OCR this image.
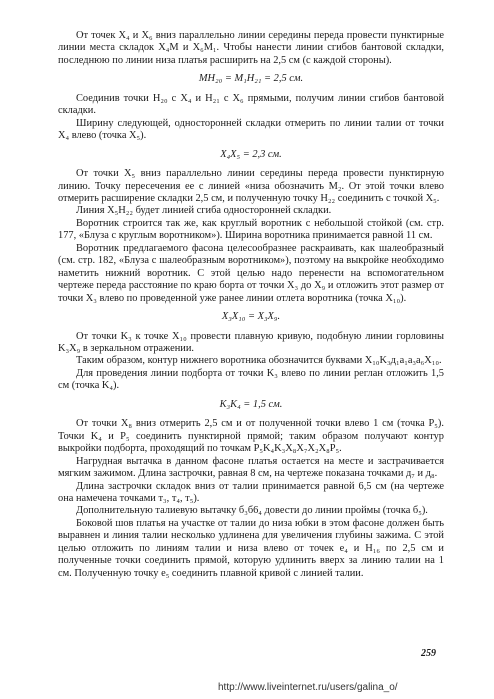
От точек X₄ и X₆ вниз параллельно линии середины переда провести пунктирные линии места складок X₄M и X₆M₁. Чтобы нанести линии сгибов бантовой складки, последнюю по линии низа платья расширить на 2,5 см (с каждой стороны).

MH₂₀ = M₁H₂₁ = 2,5 см.

Соединив точки H₂₀ с X₄ и H₂₁ с X₆ прямыми, получим линии сгибов бантовой складки.

Ширину следующей, односторонней складки отмерить по линии талии от точки X₄ влево (точка X₅).

X₄X₅ = 2,3 см.

От точки X₅ вниз параллельно линии середины переда провести пунктирную линию. Точку пересечения ее с линией «низа обозначить M₂. От этой точки влево отмерить расширение складки 2,5 см, и полученную точку H₂₂ соединить с точкой X₅.

Линия X₅H₂₂ будет линией сгиба односторонней складки.

Воротник строится так же, как круглый воротник с небольшой стойкой (см. стр. 177, «Блуза с круглым воротником»). Ширина воротника принимается равной 11 см.

Воротник предлагаемого фасона целесообразнее раскраивать, как шалеобразный (см. стр. 182, «Блуза с шалеобразным воротником»), поэтому на выкройке необходимо наметить нижний воротник. С этой целью надо перенести на вспомогательном чертеже переда расстояние по краю борта от точки X₃ до X₉ и отложить этот размер от точки X₃ влево по проведенной уже ранее линии отлета воротника (точка X₁₀).

X₃X₁₀ = X₃X₉.

От точки K₃ к точке X₁₀ провести плавную кривую, подобную линии горловины K₃X₉ в зеркальном отражении.

Таким образом, контур нижнего воротника обозначится буквами X₁₀K₃д₁a₁a₃a₆X₁₀.

Для проведения линии подборта от точки K₃ влево по линии реглан отложить 1,5 см (точка K₄).

K₃K₄ = 1,5 см.

От точки X₈ вниз отмерить 2,5 см и от полученной точки влево 1 см (точка P₅). Точки K₄ и P₅ соединить пунктирной прямой; таким образом получают контур выкройки подборта, проходящий по точкам P₅K₄K₃X₈X₇X₂X₈P₅.

Нагрудная вытачка в данном фасоне платья остается на месте и застрачивается мягким зажимом. Длина застрочки, равная 8 см, на чертеже показана точками д₇ и д₈.

Длина застрочки складок вниз от талии принимается равной 6,5 см (на чертеже она намечена точками т₃, т₄, т₅).

Дополнительную талиевую вытачку б₃б6₄ довести до линии проймы (точка б₅).

Боковой шов платья на участке от талии до низа юбки в этом фасоне должен быть выравнен и линия талии несколько удлинена для увеличения глубины зажима. С этой целью отложить по линиям талии и низа влево от точек e₄ и H₁₆ по 2,5 см и полученные точки соединить прямой, которую удлинить вверх за линию талии на 1 см. Полученную точку e₅ соединить плавной кривой с линией талии.

259
http://www.liveinternet.ru/users/galina_o/
